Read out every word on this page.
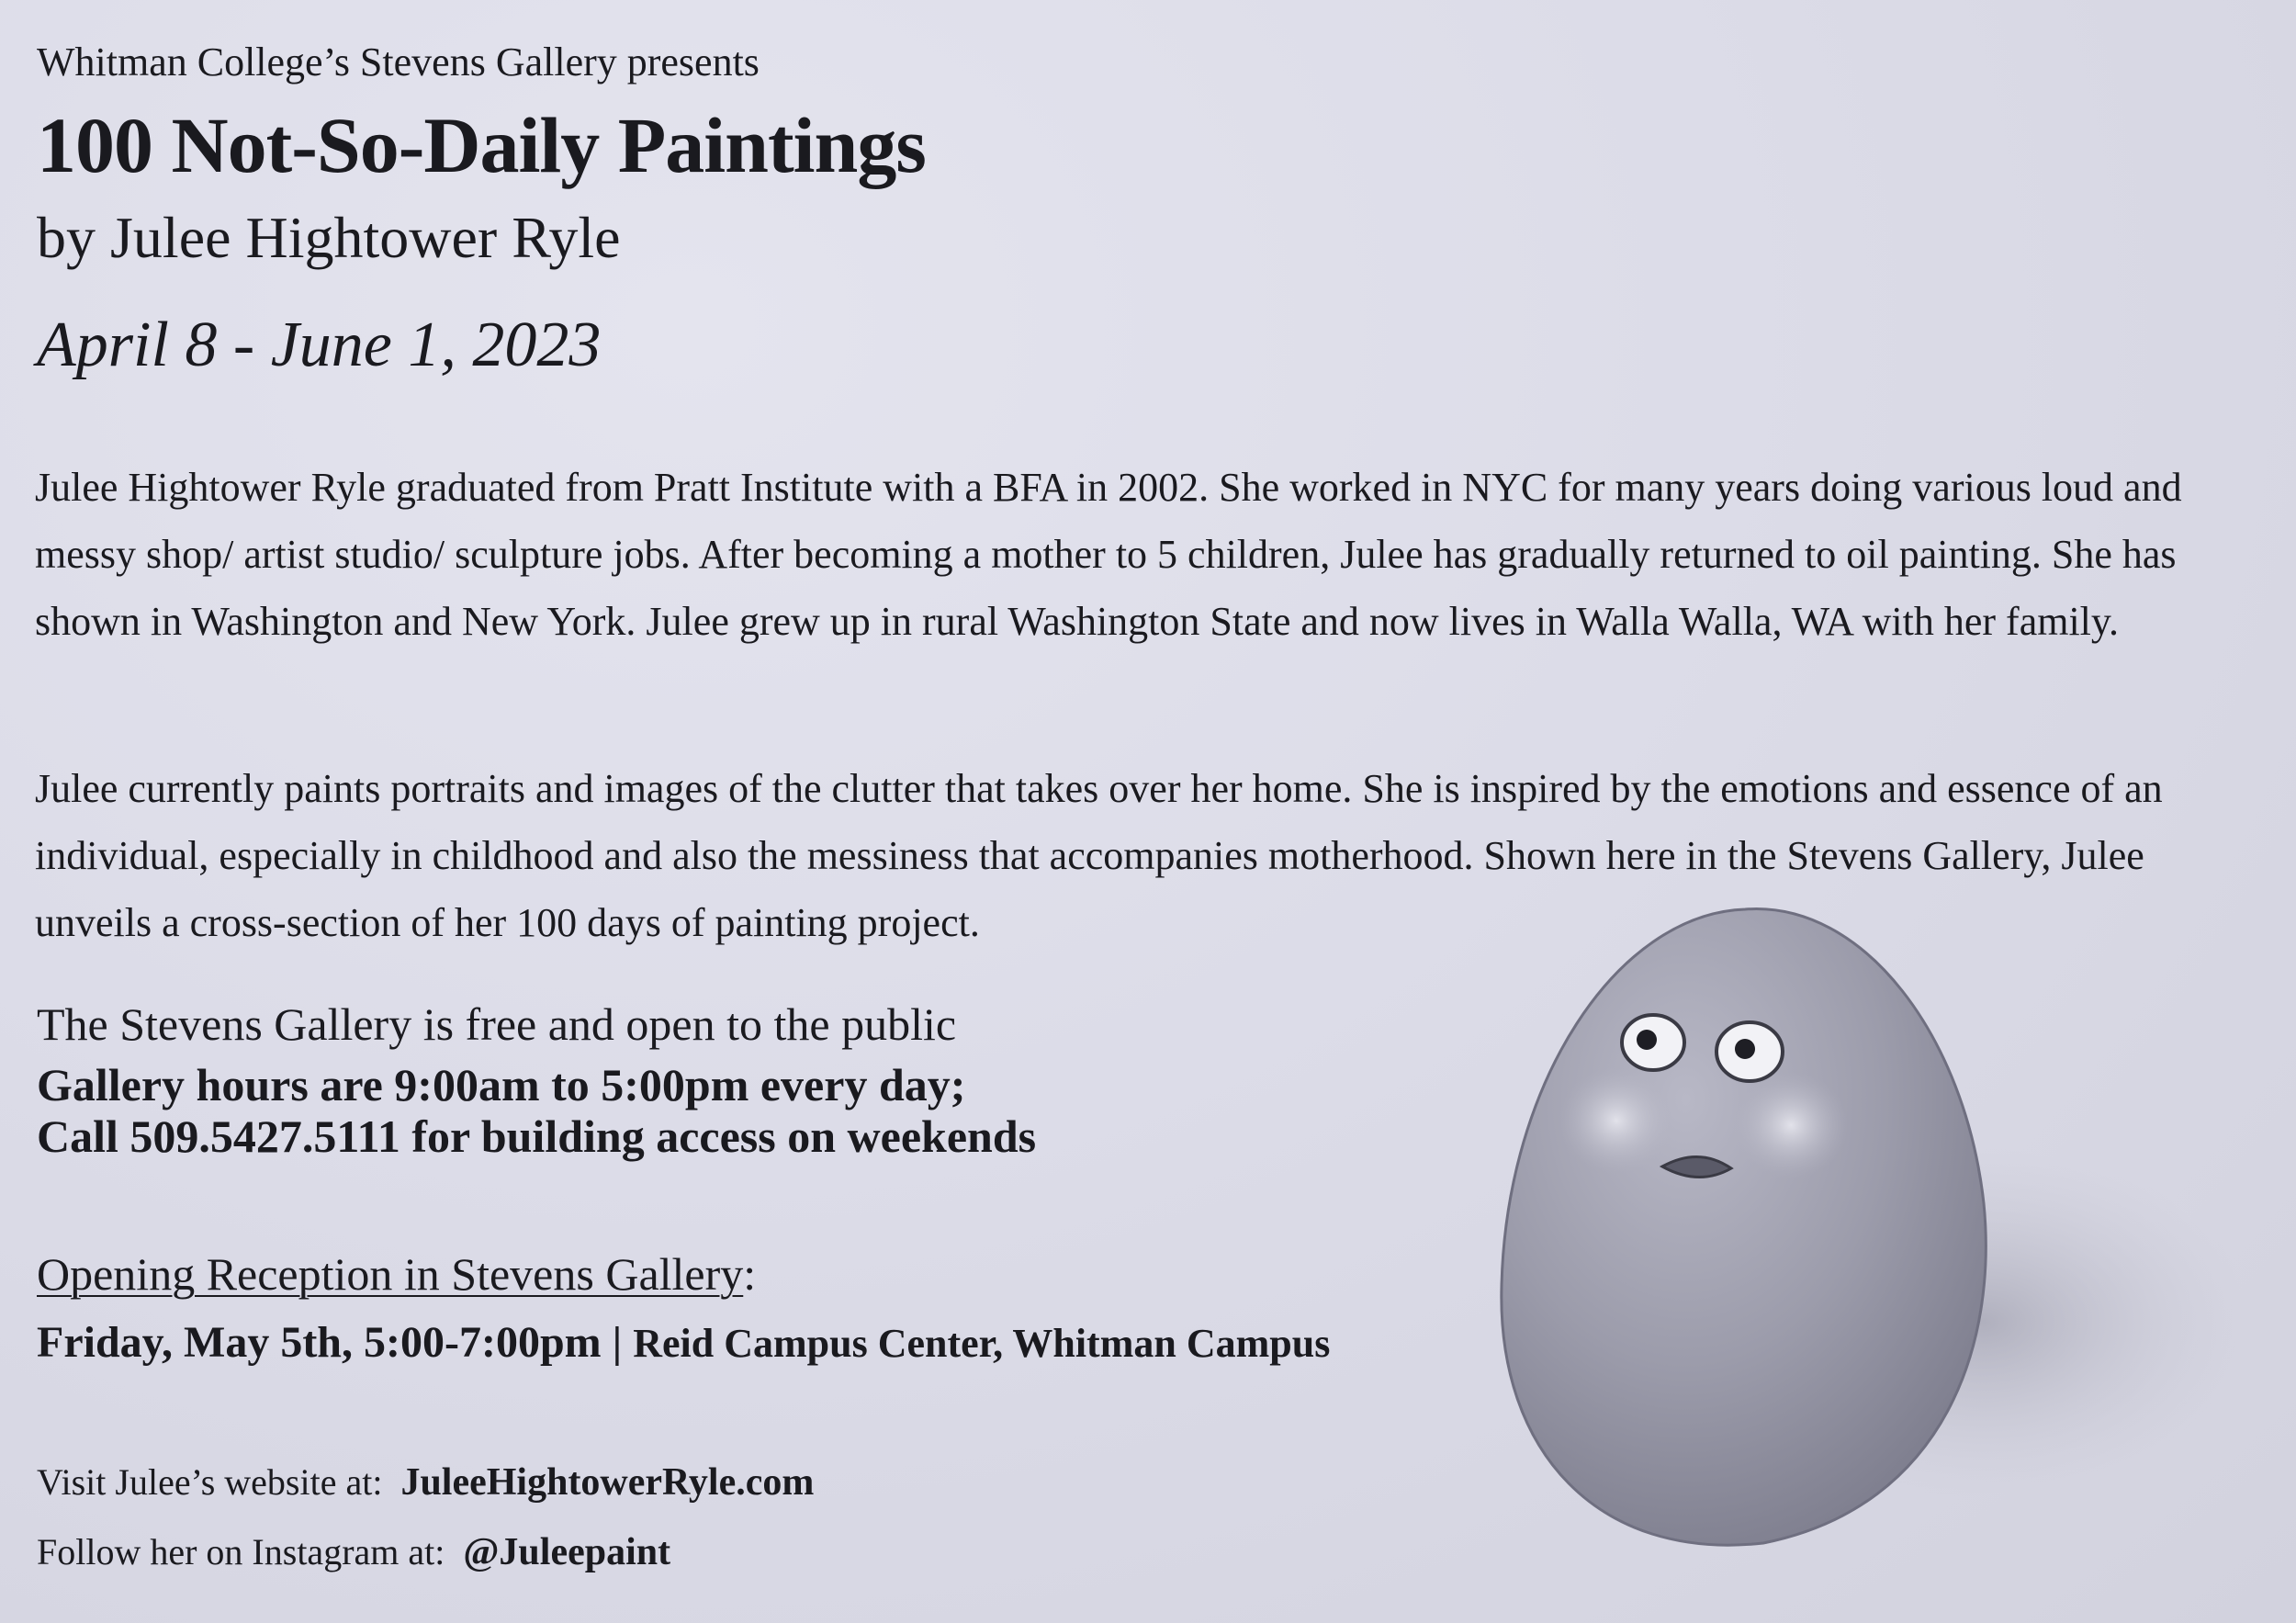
Whitman College’s Stevens Gallery presents
100 Not-So-Daily Paintings
by Julee Hightower Ryle
April 8 - June 1, 2023

Julee Hightower Ryle graduated from Pratt Institute with a BFA in 2002. She worked in NYC for many years doing various loud and messy shop/ artist studio/ sculpture jobs. After becoming a mother to 5 children, Julee has gradually returned to oil painting. She has shown in Washington and New York. Julee grew up in rural Washington State and now lives in Walla Walla, WA with her family.

Julee currently paints portraits and images of the clutter that takes over her home. She is inspired by the emotions and essence of an individual, especially in childhood and also the messiness that accompanies motherhood. Shown here in the Stevens Gallery, Julee unveils a cross-section of her 100 days of painting project.

The Stevens Gallery is free and open to the public
Gallery hours are 9:00am to 5:00pm every day;
Call 509.5427.5111 for building access on weekends
Opening Reception in Stevens Gallery:
Friday, May 5th, 5:00-7:00pm | Reid Campus Center, Whitman Campus
Visit Julee’s website at: JuleeHightowerRyle.com
Follow her on Instagram at: @Juleepaint
